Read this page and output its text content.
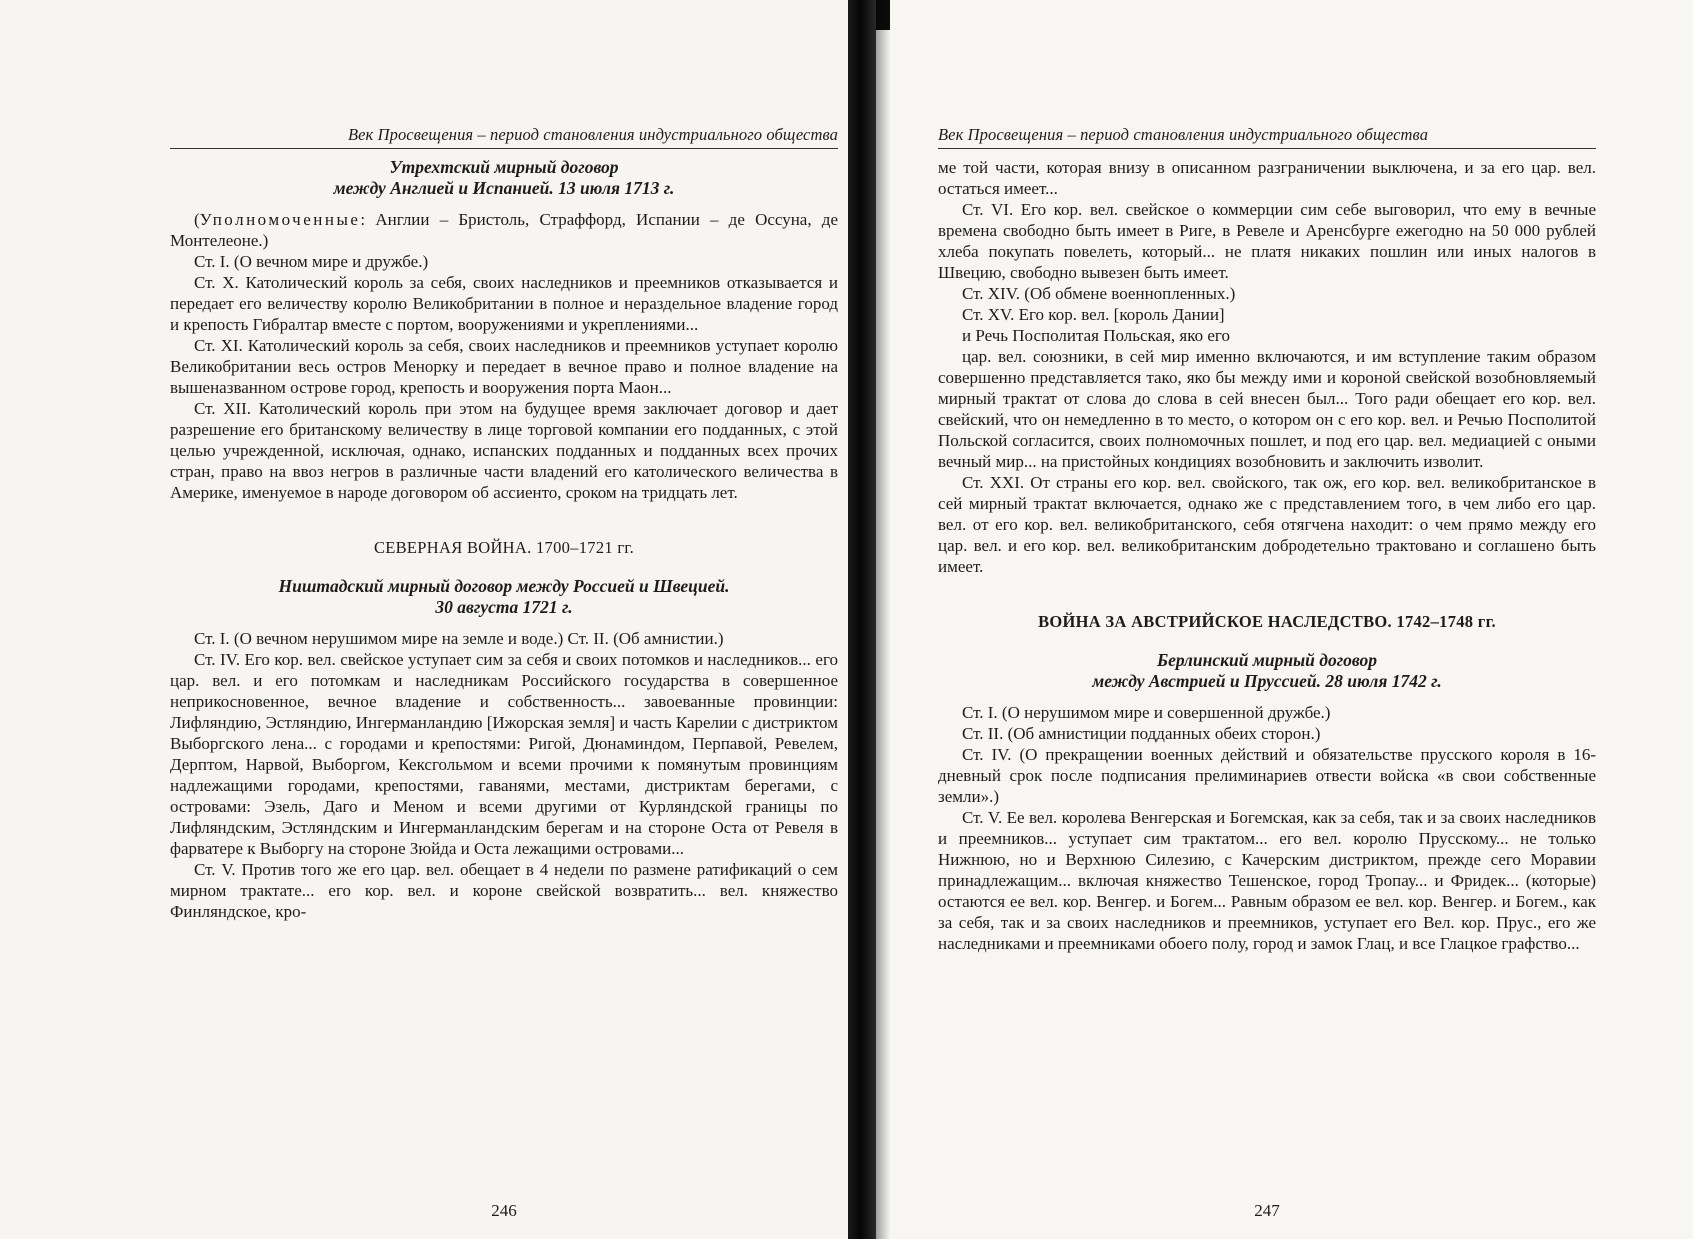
Век Просвещения – период становления индустриального общества
Утрехтский мирный договор
между Англией и Испанией. 13 июля 1713 г.

(Уполномоченные: Англии – Бристоль, Страффорд, Испании – де Оссуна, де Монтелеоне.)

Ст. I. (О вечном мире и дружбе.)

Ст. X. Католический король за себя, своих наследников и преемников отказывается и передает его величеству королю Великобритании в полное и нераздельное владение город и крепость Гибралтар вместе с портом, вооружениями и укреплениями...

Ст. XI. Католический король за себя, своих наследников и преемников уступает королю Великобритании весь остров Менорку и передает в вечное право и полное владение на вышеназванном острове город, крепость и вооружения порта Маон...

Ст. XII. Католический король при этом на будущее время заключает договор и дает разрешение его британскому величеству в лице торговой компании его подданных, с этой целью учрежденной, исключая, однако, испанских подданных и подданных всех прочих стран, право на ввоз негров в различные части владений его католического величества в Америке, именуемое в народе договором об ассиенто, сроком на тридцать лет.

СЕВЕРНАЯ ВОЙНА. 1700–1721 гг.
Ништадский мирный договор между Россией и Швецией.
30 августа 1721 г.

Ст. I. (О вечном нерушимом мире на земле и воде.) Ст. II. (Об амнистии.)

Ст. IV. Его кор. вел. свейское уступает сим за себя и своих потомков и наследников... его цар. вел. и его потомкам и наследникам Российского государства в совершенное неприкосновенное, вечное владение и собственность... завоеванные провинции: Лифляндию, Эстляндию, Ингерманландию [Ижорская земля] и часть Карелии с дистриктом Выборгского лена... с городами и крепостями: Ригой, Дюнаминдом, Перпавой, Ревелем, Дерптом, Нарвой, Выборгом, Кексгольмом и всеми прочими к помянутым провинциям надлежащими городами, крепостями, гаванями, местами, дистриктам берегами, с островами: Эзель, Даго и Меном и всеми другими от Курляндской границы по Лифляндским, Эстляндским и Ингерманландским берегам и на стороне Оста от Ревеля в фарватере к Выборгу на стороне Зюйда и Оста лежащими островами...

Ст. V. Против того же его цар. вел. обещает в 4 недели по размене ратификаций о сем мирном трактате... его кор. вел. и короне свейской возвратить... вел. княжество Финляндское, кро-

246
Век Просвещения – период становления индустриального общества

ме той части, которая внизу в описанном разграничении выключена, и за его цар. вел. остаться имеет...

Ст. VI. Его кор. вел. свейское о коммерции сим себе выговорил, что ему в вечные времена свободно быть имеет в Риге, в Ревеле и Аренсбурге ежегодно на 50 000 рублей хлеба покупать повелеть, который... не платя никаких пошлин или иных налогов в Швецию, свободно вывезен быть имеет.

Ст. XIV. (Об обмене военнопленных.)

Ст. XV. Его кор. вел. [король Дании]

и Речь Посполитая Польская, яко его

цар. вел. союзники, в сей мир именно включаются, и им вступление таким образом совершенно представляется тако, яко бы между ими и короной свейской возобновляемый мирный трактат от слова до слова в сей внесен был... Того ради обещает его кор. вел. свейский, что он немедленно в то место, о котором он с его кор. вел. и Речью Посполитой Польской согласится, своих полномочных пошлет, и под его цар. вел. медиацией с оными вечный мир... на пристойных кондициях возобновить и заключить изволит.

Ст. XXI. От страны его кор. вел. свойского, так ож, его кор. вел. великобританское в сей мирный трактат включается, однако же с представлением того, в чем либо его цар. вел. от его кор. вел. великобританского, себя отягчена находит: о чем прямо между его цар. вел. и его кор. вел. великобританским добродетельно трактовано и соглашено быть имеет.

ВОЙНА ЗА АВСТРИЙСКОЕ НАСЛЕДСТВО. 1742–1748 гг.
Берлинский мирный договор
между Австрией и Пруссией. 28 июля 1742 г.

Ст. I. (О нерушимом мире и совершенной дружбе.)

Ст. II. (Об амнистиции подданных обеих сторон.)

Ст. IV. (О прекращении военных действий и обязательстве прусского короля в 16-дневный срок после подписания прелиминариев отвести войска «в свои собственные земли».)

Ст. V. Ее вел. королева Венгерская и Богемская, как за себя, так и за своих наследников и преемников... уступает сим трактатом... его вел. королю Прусскому... не только Нижнюю, но и Верхнюю Силезию, с Качерским дистриктом, прежде сего Моравии принадлежащим... включая княжество Тешенское, город Тропау... и Фридек... (которые) остаются ее вел. кор. Венгер. и Богем... Равным образом ее вел. кор. Венгер. и Богем., как за себя, так и за своих наследников и преемников, уступает его Вел. кор. Прус., его же наследниками и преемниками обоего полу, город и замок Глац, и все Глацкое графство...

247
